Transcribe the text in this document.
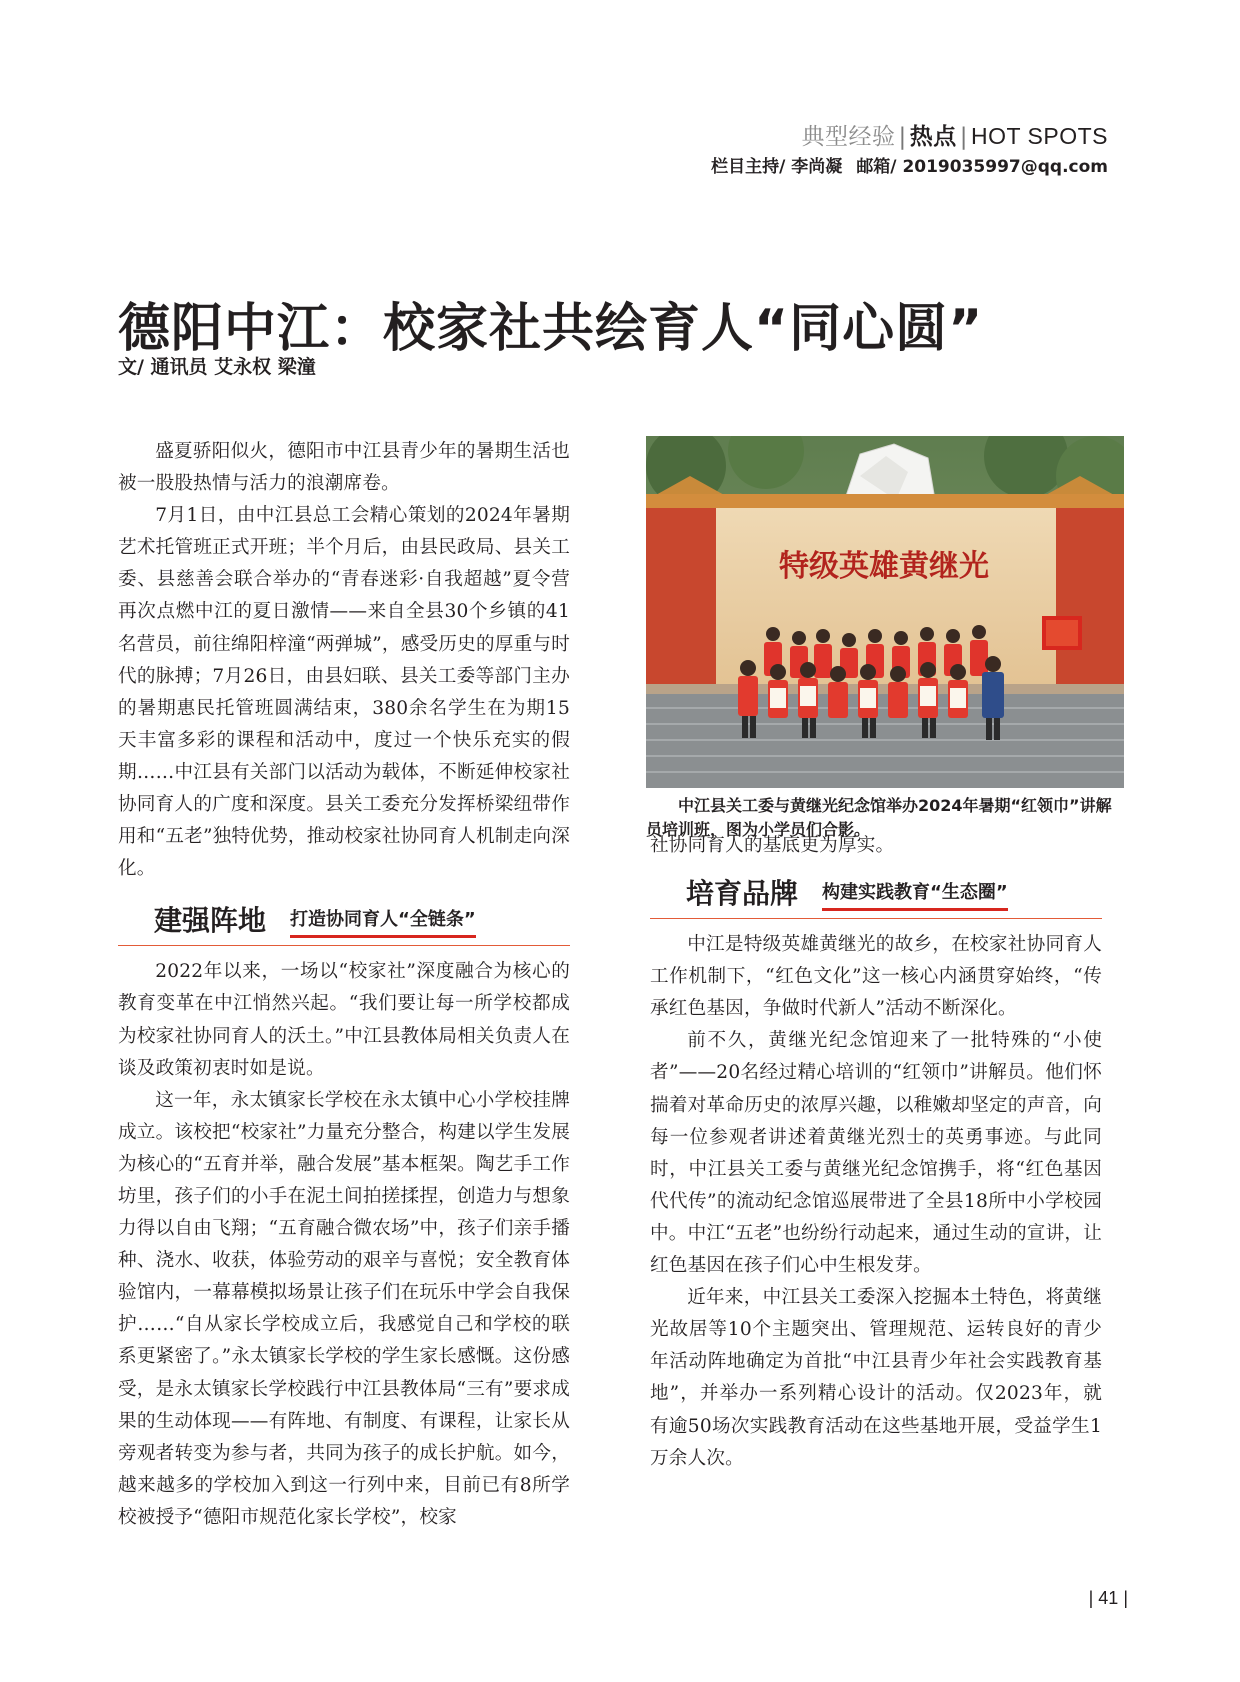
典型经验 | 热点 | HOT SPOTS
栏目主持/ 李尚凝 邮箱/ 2019035997@qq.com
德阳中江：校家社共绘育人“同心圆”
文/ 通讯员 艾永权 梁潼

盛夏骄阳似火，德阳市中江县青少年的暑期生活也被一股股热情与活力的浪潮席卷。

7月1日，由中江县总工会精心策划的2024年暑期艺术托管班正式开班；半个月后，由县民政局、县关工委、县慈善会联合举办的“青春迷彩·自我超越”夏令营再次点燃中江的夏日激情——来自全县30个乡镇的41名营员，前往绵阳梓潼“两弹城”，感受历史的厚重与时代的脉搏；7月26日，由县妇联、县关工委等部门主办的暑期惠民托管班圆满结束，380余名学生在为期15天丰富多彩的课程和活动中，度过一个快乐充实的假期……中江县有关部门以活动为载体，不断延伸校家社协同育人的广度和深度。县关工委充分发挥桥梁纽带作用和“五老”独特优势，推动校家社协同育人机制走向深化。

建强阵地 打造协同育人“全链条”

2022年以来，一场以“校家社”深度融合为核心的教育变革在中江悄然兴起。“我们要让每一所学校都成为校家社协同育人的沃土。”中江县教体局相关负责人在谈及政策初衷时如是说。

这一年，永太镇家长学校在永太镇中心小学校挂牌成立。该校把“校家社”力量充分整合，构建以学生发展为核心的“五育并举，融合发展”基本框架。陶艺手工作坊里，孩子们的小手在泥土间拍搓揉捏，创造力与想象力得以自由飞翔；“五育融合微农场”中，孩子们亲手播种、浇水、收获，体验劳动的艰辛与喜悦；安全教育体验馆内，一幕幕模拟场景让孩子们在玩乐中学会自我保护……“自从家长学校成立后，我感觉自己和学校的联系更紧密了。”永太镇家长学校的学生家长感慨。这份感受，是永太镇家长学校践行中江县教体局“三有”要求成果的生动体现——有阵地、有制度、有课程，让家长从旁观者转变为参与者，共同为孩子的成长护航。如今，越来越多的学校加入到这一行列中来，目前已有8所学校被授予“德阳市规范化家长学校”，校家

特级英雄黄继光
中江县关工委与黄继光纪念馆举办2024年暑期“红领巾”讲解员培训班，图为小学员们合影。

社协同育人的基底更为厚实。

培育品牌 构建实践教育“生态圈”

中江是特级英雄黄继光的故乡，在校家社协同育人工作机制下，“红色文化”这一核心内涵贯穿始终，“传承红色基因，争做时代新人”活动不断深化。

前不久，黄继光纪念馆迎来了一批特殊的“小使者”——20名经过精心培训的“红领巾”讲解员。他们怀揣着对革命历史的浓厚兴趣，以稚嫩却坚定的声音，向每一位参观者讲述着黄继光烈士的英勇事迹。与此同时，中江县关工委与黄继光纪念馆携手，将“红色基因代代传”的流动纪念馆巡展带进了全县18所中小学校园中。中江“五老”也纷纷行动起来，通过生动的宣讲，让红色基因在孩子们心中生根发芽。

近年来，中江县关工委深入挖掘本土特色，将黄继光故居等10个主题突出、管理规范、运转良好的青少年活动阵地确定为首批“中江县青少年社会实践教育基地”，并举办一系列精心设计的活动。仅2023年，就有逾50场次实践教育活动在这些基地开展，受益学生1万余人次。

| 41 |
